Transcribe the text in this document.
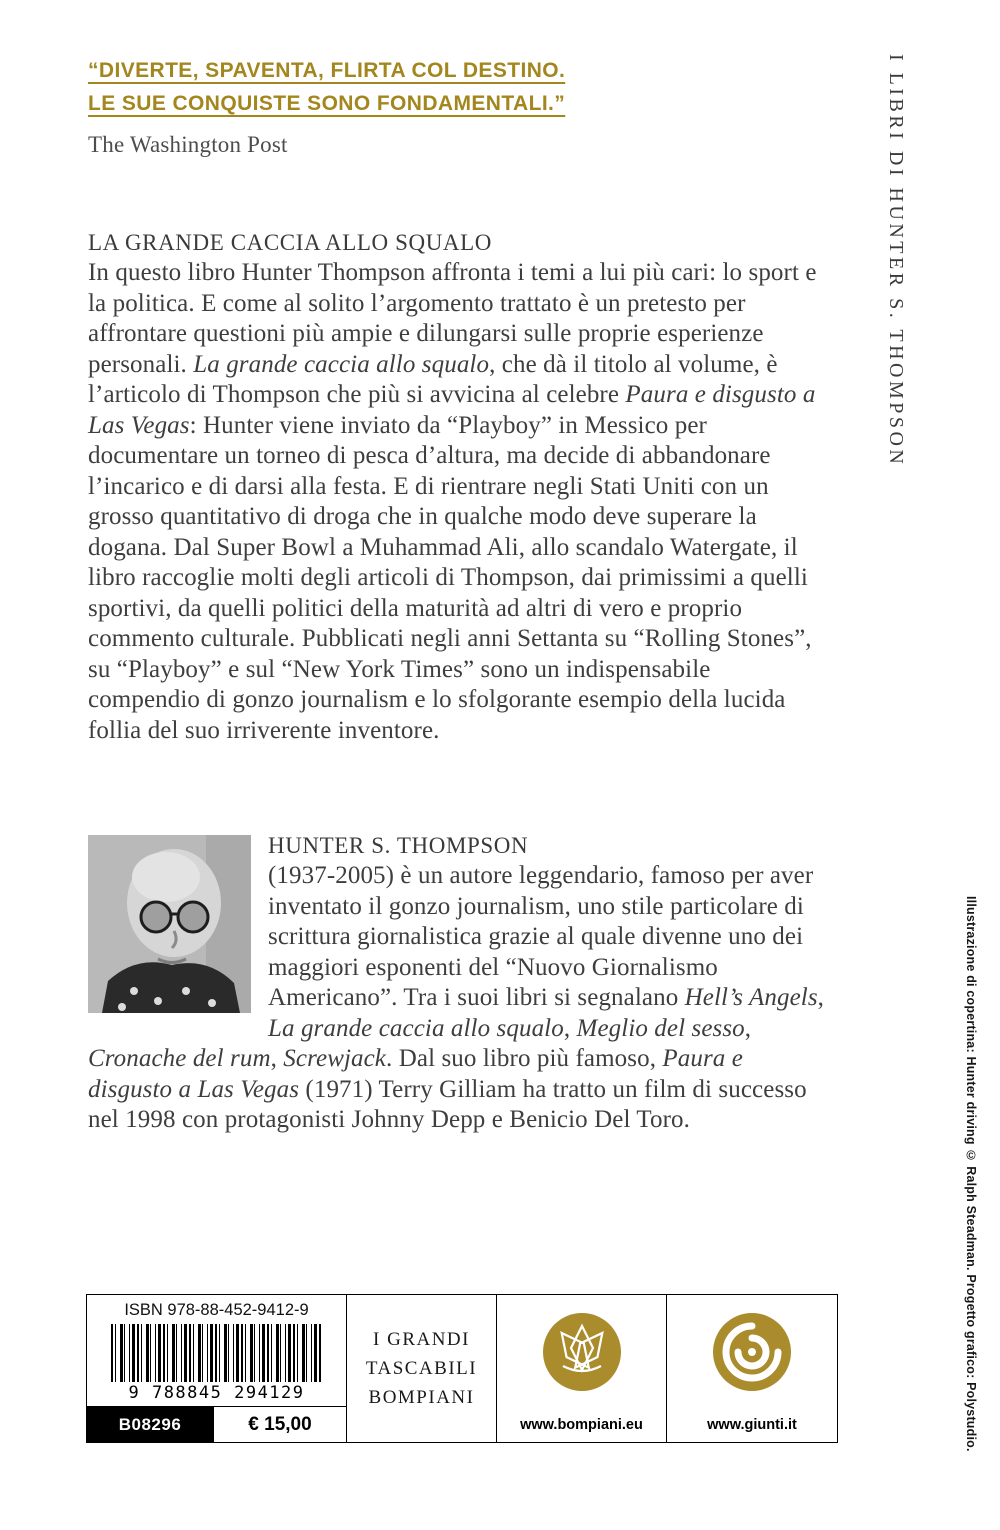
“DIVERTE, SPAVENTA, FLIRTA COL DESTINO.
LE SUE CONQUISTE SONO FONDAMENTALI.”
The Washington Post	I LIBRI DI HUNTER S. THOMPSON
Illustrazione di copertina: Hunter driving © Ralph Steadman. Progetto grafico: Polystudio.
LA GRANDE CACCIA ALLO SQUALO
In questo libro Hunter Thompson affronta i temi a lui più cari: lo sport e la politica. E come al solito l’argomento trattato è un pretesto per affrontare questioni più ampie e dilungarsi sulle proprie esperienze personali. La grande caccia allo squalo, che dà il titolo al volume, è l’articolo di Thompson che più si avvicina al celebre Paura e disgusto a Las Vegas: Hunter viene inviato da “Playboy” in Messico per documentare un torneo di pesca d’altura, ma decide di abbandonare l’incarico e di darsi alla festa. E di rientrare negli Stati Uniti con un grosso quantitativo di droga che in qualche modo deve superare la dogana. Dal Super Bowl a Muhammad Ali, allo scandalo Watergate, il libro raccoglie molti degli articoli di Thompson, dai primissimi a quelli sportivi, da quelli politici della maturità ad altri di vero e proprio commento culturale. Pubblicati negli anni Settanta su “Rolling Stones”, su “Playboy” e sul “New York Times” sono un indispensabile compendio di gonzo journalism e lo sfolgorante esempio della lucida follia del suo irriverente inventore.
HUNTER S. THOMPSON
(1937-2005) è un autore leggendario, famoso per aver inventato il gonzo journalism, uno stile particolare di scrittura giornalistica grazie al quale divenne uno dei maggiori esponenti del “Nuovo Giornalismo Americano”. Tra i suoi libri si segnalano Hell’s Angels, La grande caccia allo squalo, Meglio del sesso, Cronache del rum, Screwjack. Dal suo libro più famoso, Paura e disgusto a Las Vegas (1971) Terry Gilliam ha tratto un film di successo nel 1998 con protagonisti Johnny Depp e Benicio Del Toro.
ISBN 978-88-452-9412-9
9 788845 294129
B08296	€ 15,00
I GRANDI
TASCABILI
BOMPIANI
www.bompiani.eu	www.giunti.it
